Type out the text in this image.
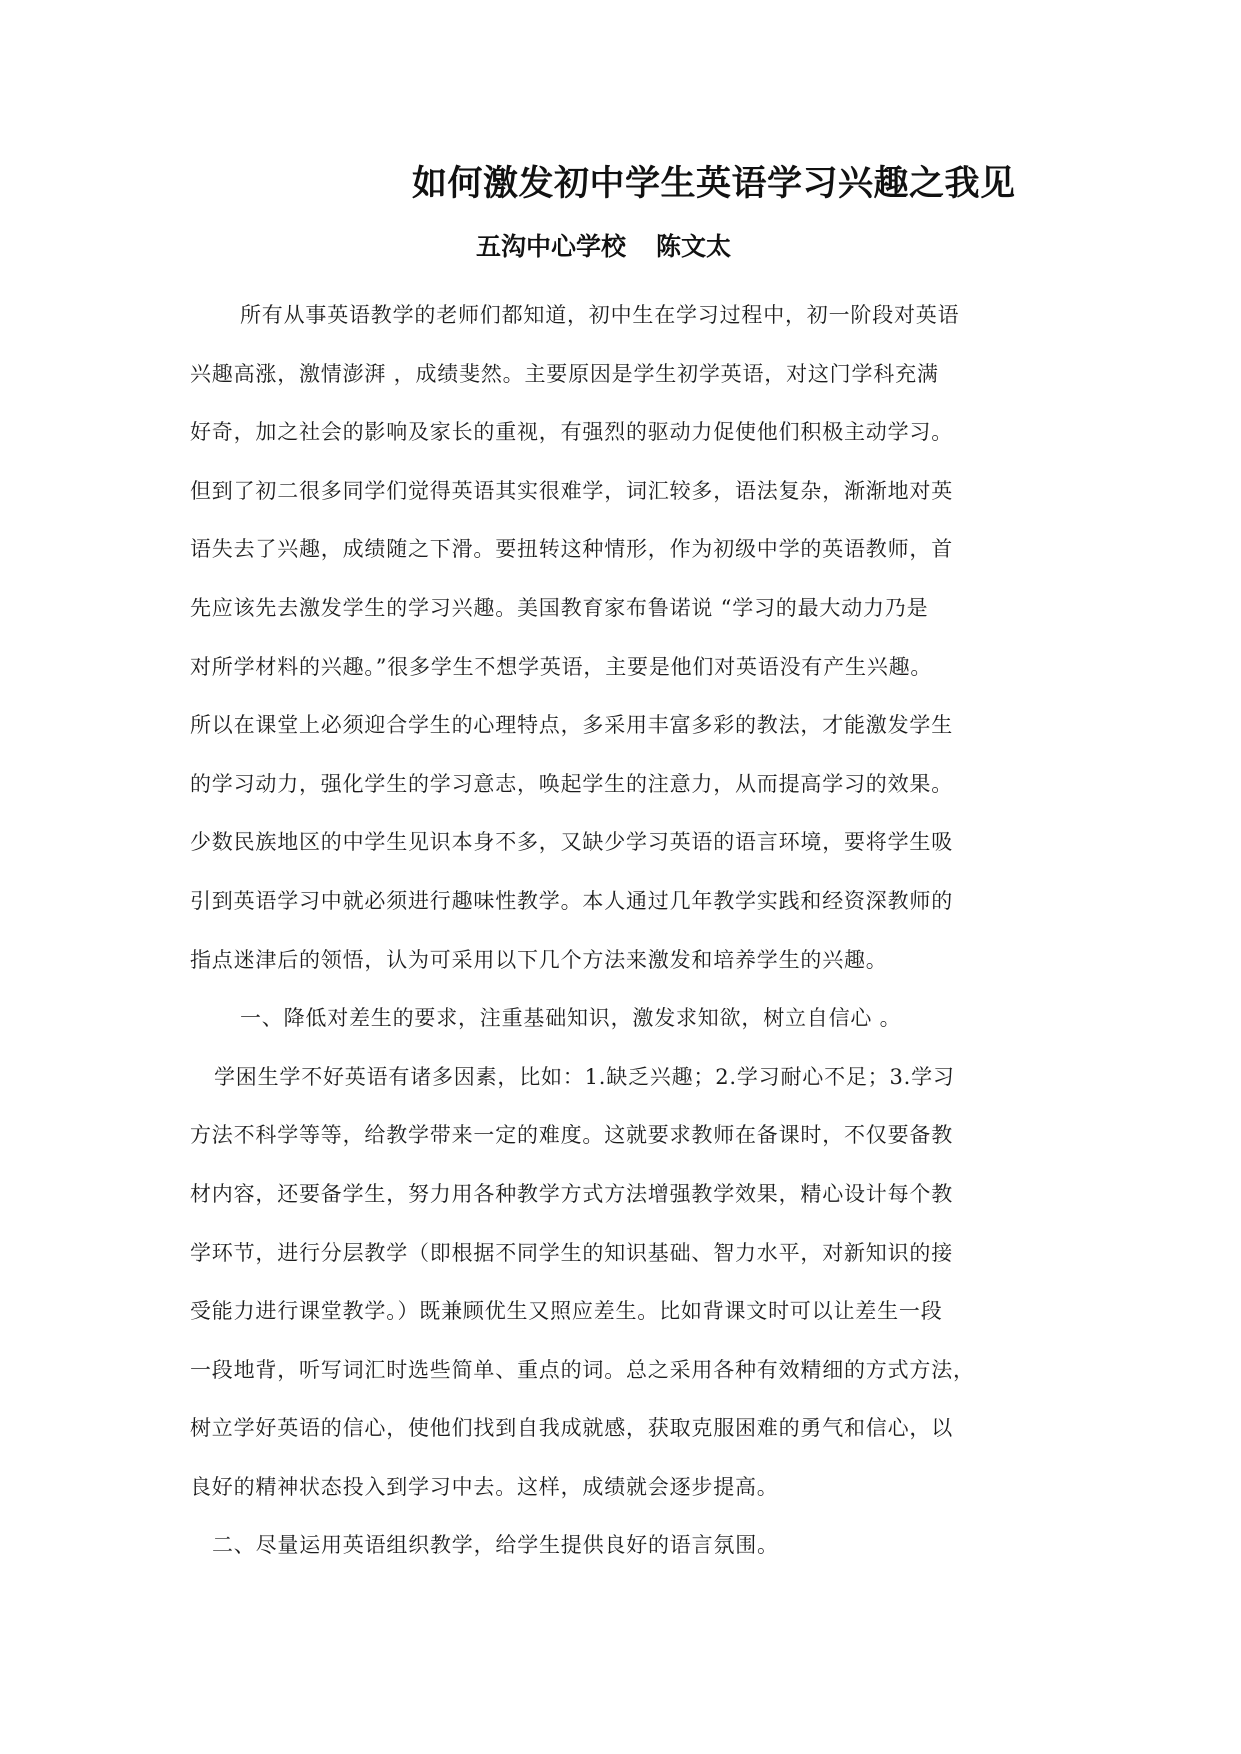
如何激发初中学生英语学习兴趣之我见

五沟中心学校 陈文太

所有从事英语教学的老师们都知道，初中生在学习过程中，初一阶段对英语
兴趣高涨，激情澎湃 ，成绩斐然。主要原因是学生初学英语，对这门学科充满
好奇，加之社会的影响及家长的重视，有强烈的驱动力促使他们积极主动学习。
但到了初二很多同学们觉得英语其实很难学，词汇较多，语法复杂，渐渐地对英
语失去了兴趣，成绩随之下滑。要扭转这种情形，作为初级中学的英语教师，首
先应该先去激发学生的学习兴趣。美国教育家布鲁诺说 “学习的最大动力乃是
对所学材料的兴趣。”很多学生不想学英语，主要是他们对英语没有产生兴趣。
所以在课堂上必须迎合学生的心理特点，多采用丰富多彩的教法，才能激发学生
的学习动力，强化学生的学习意志，唤起学生的注意力，从而提高学习的效果。
少数民族地区的中学生见识本身不多，又缺少学习英语的语言环境，要将学生吸
引到英语学习中就必须进行趣味性教学。本人通过几年教学实践和经资深教师的
指点迷津后的领悟，认为可采用以下几个方法来激发和培养学生的兴趣。
一、降低对差生的要求，注重基础知识，激发求知欲，树立自信心 。
学困生学不好英语有诸多因素，比如：1.缺乏兴趣；2.学习耐心不足；3.学习
方法不科学等等，给教学带来一定的难度。这就要求教师在备课时，不仅要备教
材内容，还要备学生，努力用各种教学方式方法增强教学效果，精心设计每个教
学环节，进行分层教学（即根据不同学生的知识基础、智力水平，对新知识的接
受能力进行课堂教学。）既兼顾优生又照应差生。比如背课文时可以让差生一段
一段地背，听写词汇时选些简单、重点的词。总之采用各种有效精细的方式方法，
树立学好英语的信心，使他们找到自我成就感，获取克服困难的勇气和信心，以
良好的精神状态投入到学习中去。这样，成绩就会逐步提高。
二、尽量运用英语组织教学，给学生提供良好的语言氛围。
